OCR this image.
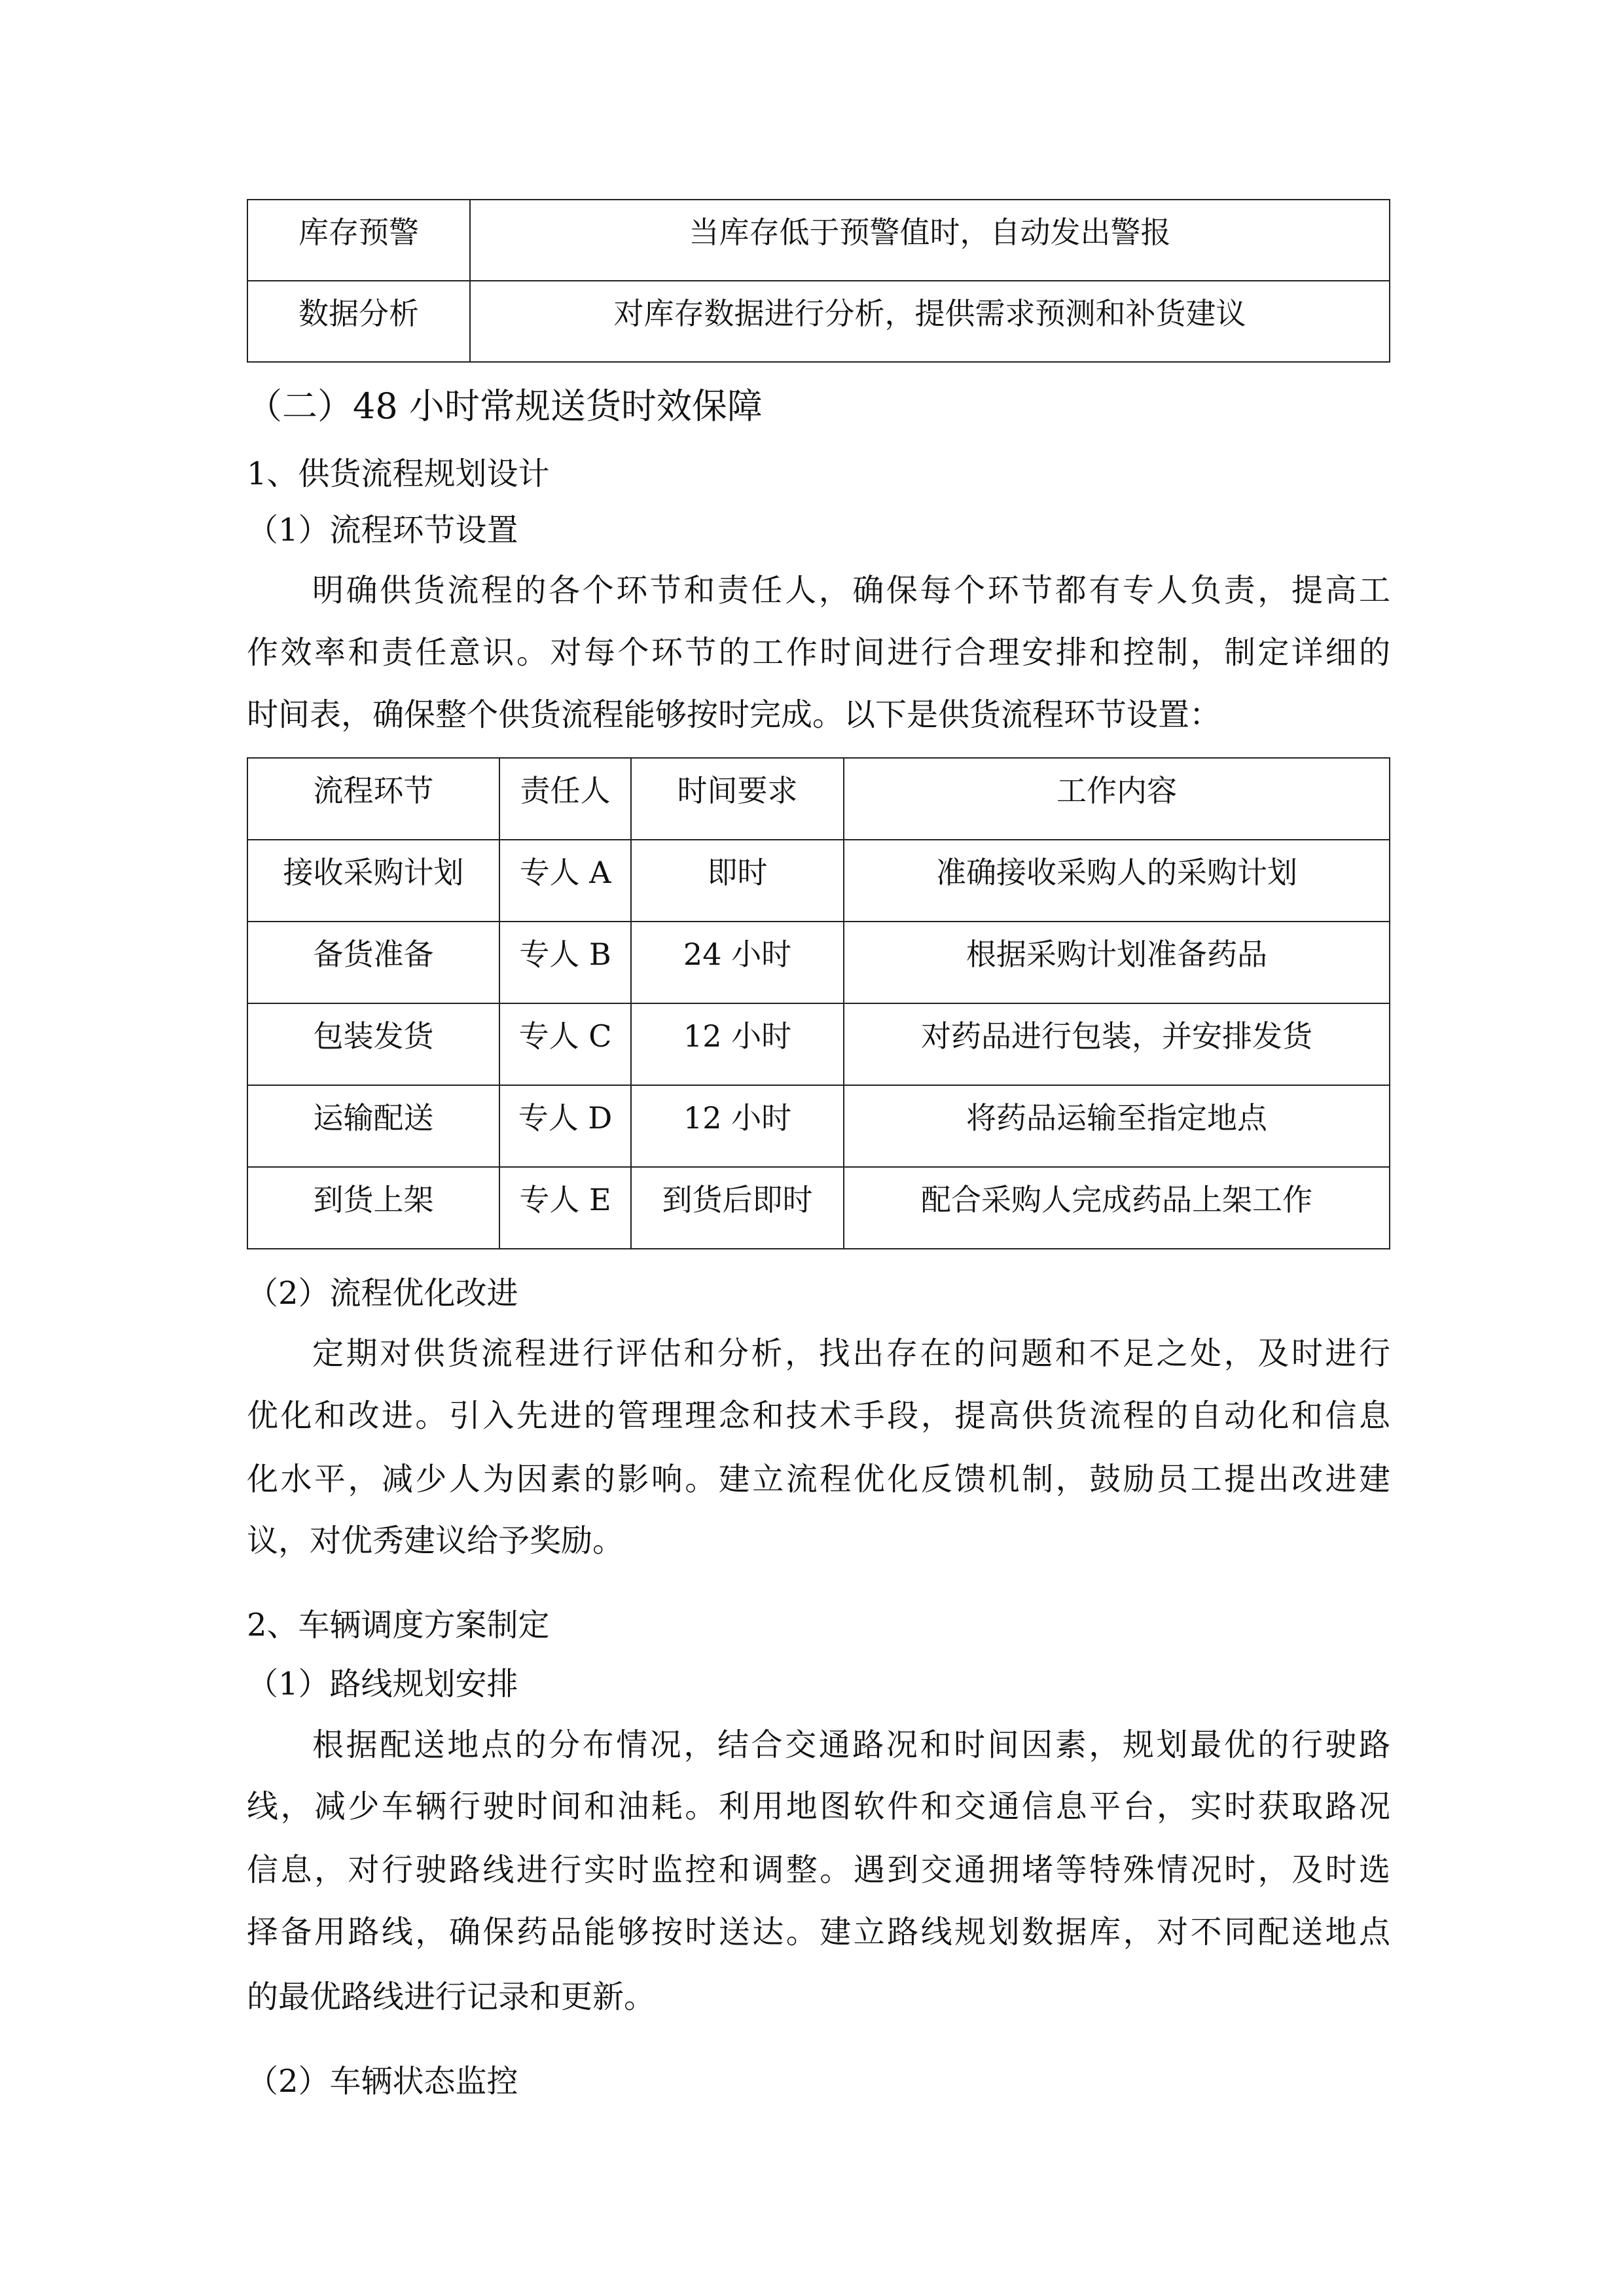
库存预警	当库存低于预警值时，自动发出警报
数据分析	对库存数据进行分析，提供需求预测和补货建议
（二）48 小时常规送货时效保障
1、供货流程规划设计
（1）流程环节设置
明确供货流程的各个环节和责任人，确保每个环节都有专人负责，提高工
作效率和责任意识。对每个环节的工作时间进行合理安排和控制，制定详细的
时间表，确保整个供货流程能够按时完成。以下是供货流程环节设置：
流程环节	责任人	时间要求	工作内容
接收采购计划	专人 A	即时	准确接收采购人的采购计划
备货准备	专人 B	24 小时	根据采购计划准备药品
包装发货	专人 C	12 小时	对药品进行包装，并安排发货
运输配送	专人 D	12 小时	将药品运输至指定地点
到货上架	专人 E	到货后即时	配合采购人完成药品上架工作
（2）流程优化改进
定期对供货流程进行评估和分析，找出存在的问题和不足之处，及时进行
优化和改进。引入先进的管理理念和技术手段，提高供货流程的自动化和信息
化水平，减少人为因素的影响。建立流程优化反馈机制，鼓励员工提出改进建
议，对优秀建议给予奖励。
2、车辆调度方案制定
（1）路线规划安排
根据配送地点的分布情况，结合交通路况和时间因素，规划最优的行驶路
线，减少车辆行驶时间和油耗。利用地图软件和交通信息平台，实时获取路况
信息，对行驶路线进行实时监控和调整。遇到交通拥堵等特殊情况时，及时选
择备用路线，确保药品能够按时送达。建立路线规划数据库，对不同配送地点
的最优路线进行记录和更新。
（2）车辆状态监控
